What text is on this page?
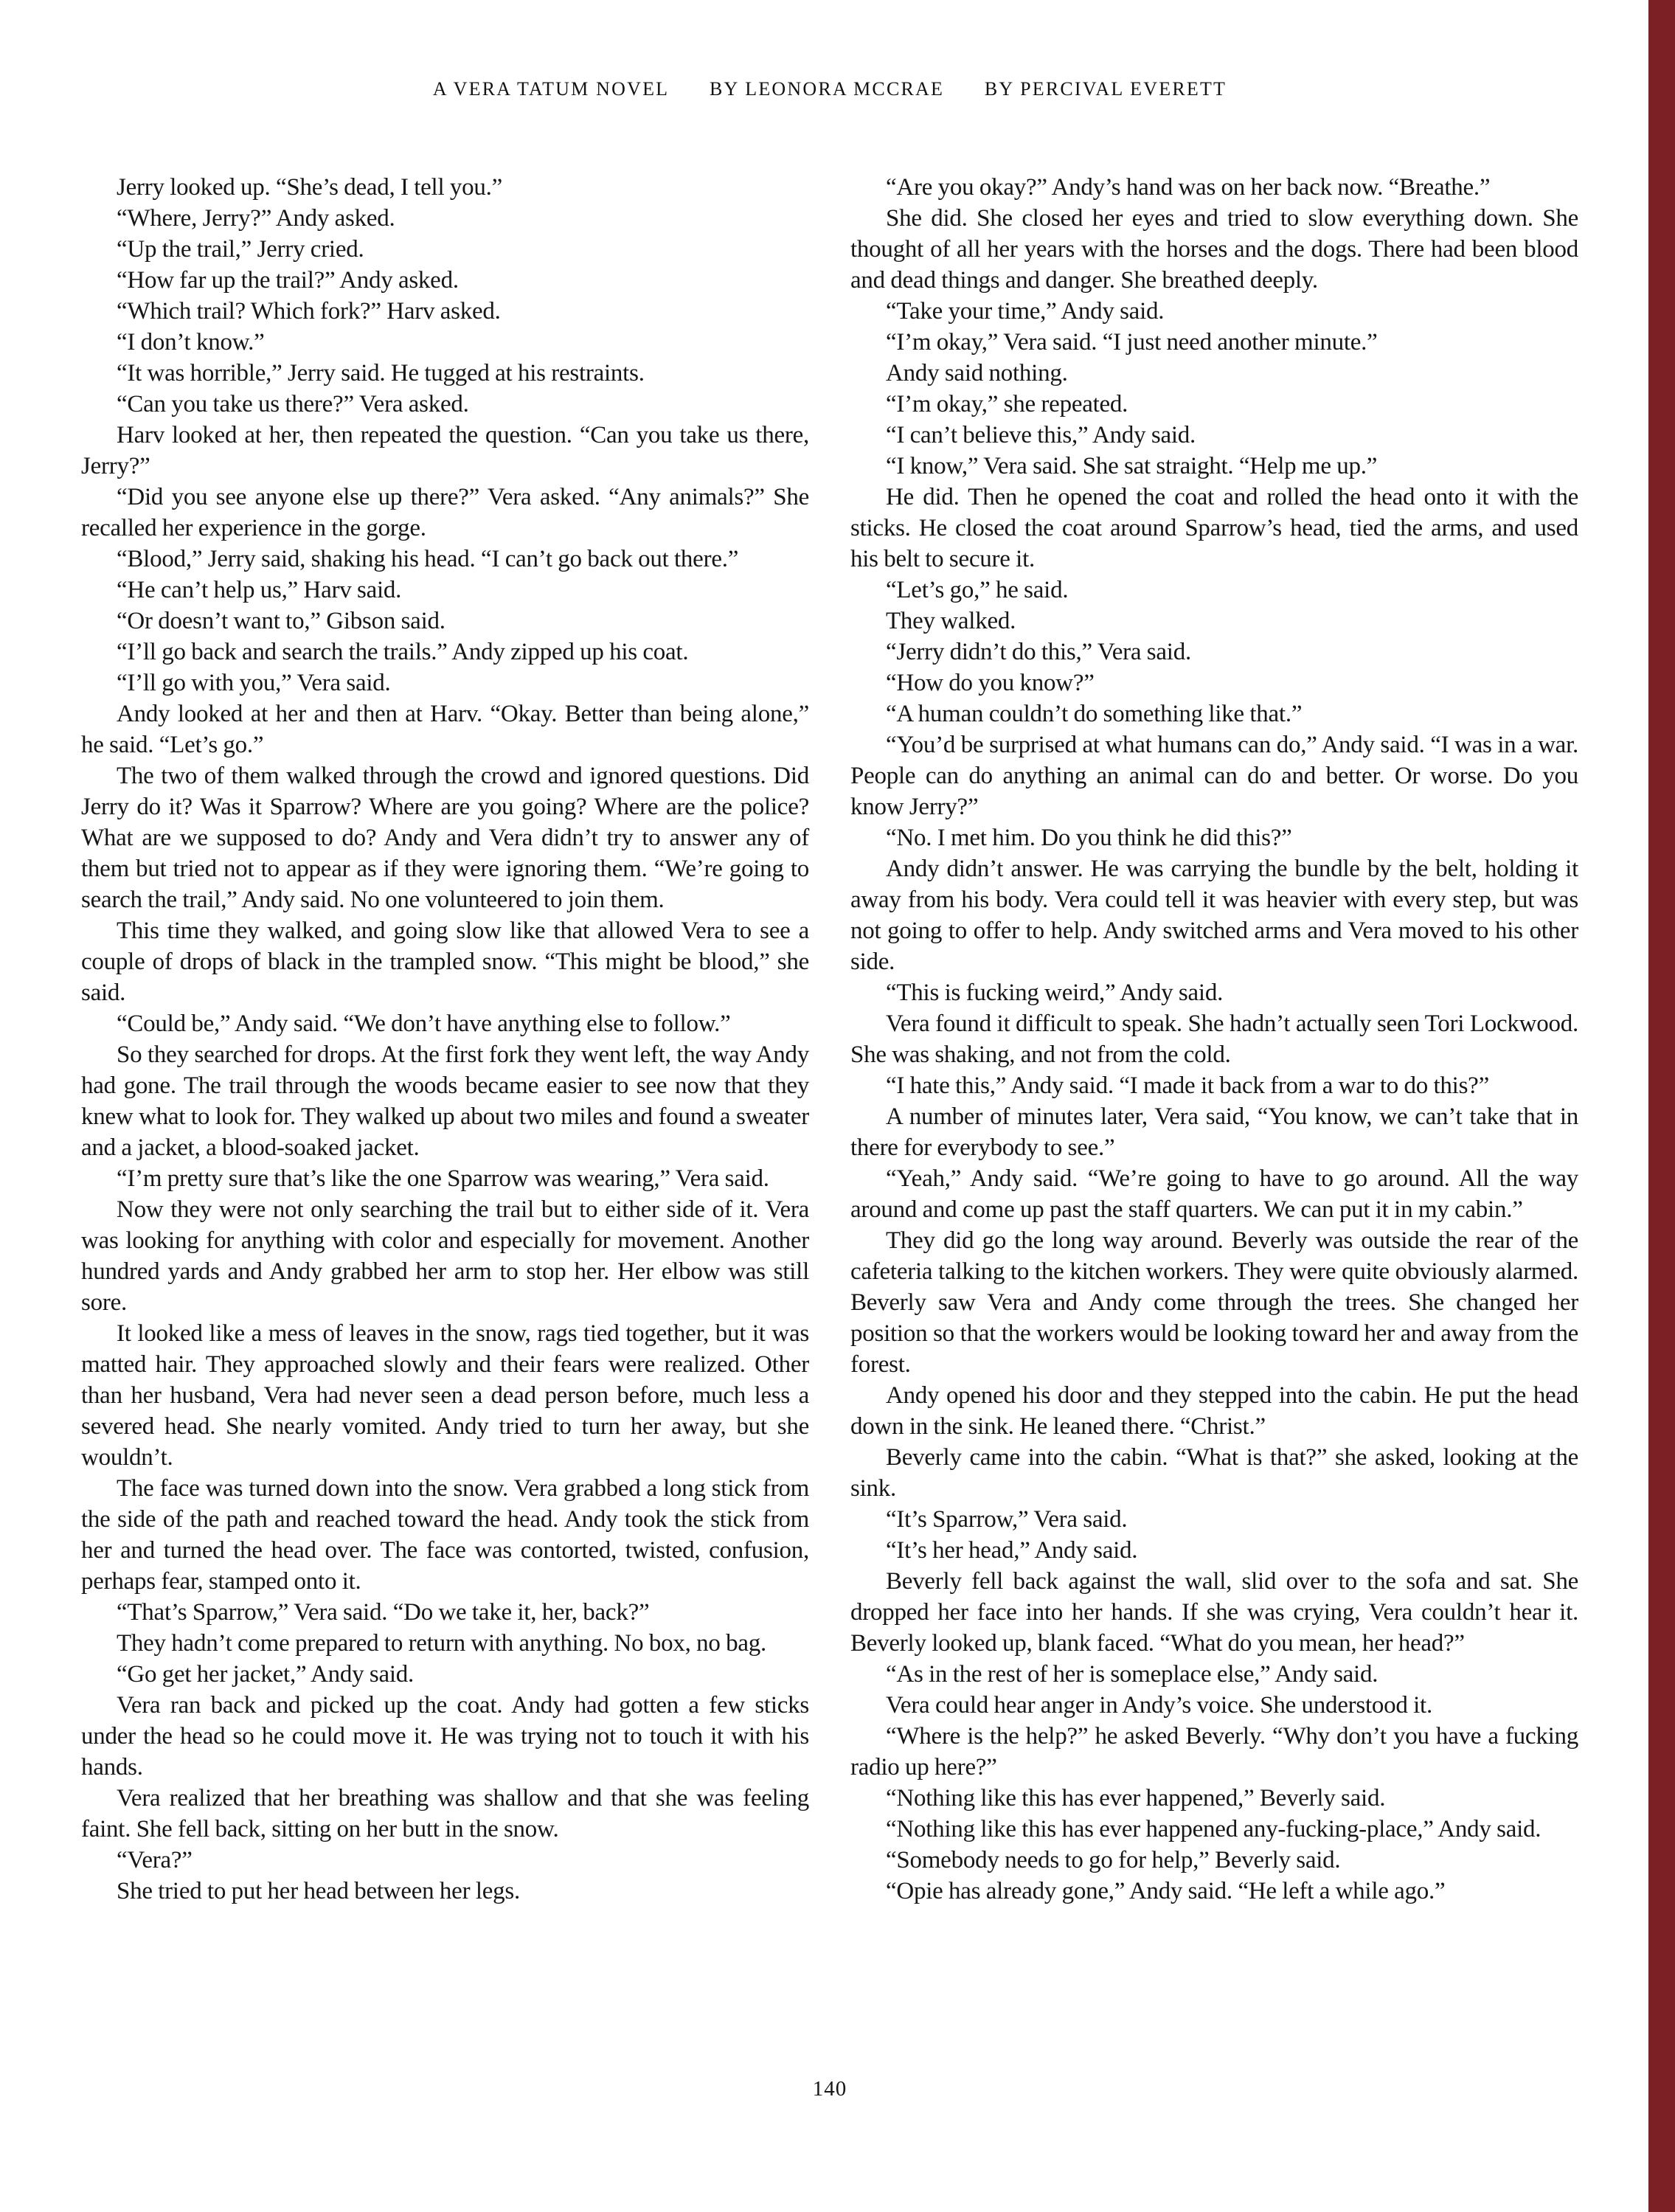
A VERA TATUM NOVEL BY LEONORA MCCRAE BY PERCIVAL EVERETT

Jerry looked up. “She’s dead, I tell you.”

“Where, Jerry?” Andy asked.

“Up the trail,” Jerry cried.

“How far up the trail?” Andy asked.

“Which trail? Which fork?” Harv asked.

“I don’t know.”

“It was horrible,” Jerry said. He tugged at his restraints.

“Can you take us there?” Vera asked.

Harv looked at her, then repeated the question. “Can you take us there, Jerry?”

“Did you see anyone else up there?” Vera asked. “Any animals?” She recalled her experience in the gorge.

“Blood,” Jerry said, shaking his head. “I can’t go back out there.”

“He can’t help us,” Harv said.

“Or doesn’t want to,” Gibson said.

“I’ll go back and search the trails.” Andy zipped up his coat.

“I’ll go with you,” Vera said.

Andy looked at her and then at Harv. “Okay. Better than being alone,” he said. “Let’s go.”

The two of them walked through the crowd and ignored questions. Did Jerry do it? Was it Sparrow? Where are you going? Where are the police? What are we supposed to do? Andy and Vera didn’t try to answer any of them but tried not to appear as if they were ignoring them. “We’re going to search the trail,” Andy said. No one volunteered to join them.

This time they walked, and going slow like that allowed Vera to see a couple of drops of black in the trampled snow. “This might be blood,” she said.

“Could be,” Andy said. “We don’t have anything else to follow.”

So they searched for drops. At the first fork they went left, the way Andy had gone. The trail through the woods became easier to see now that they knew what to look for. They walked up about two miles and found a sweater and a jacket, a blood-soaked jacket.

“I’m pretty sure that’s like the one Sparrow was wearing,” Vera said.

Now they were not only searching the trail but to either side of it. Vera was looking for anything with color and especially for movement. Another hundred yards and Andy grabbed her arm to stop her. Her elbow was still sore.

It looked like a mess of leaves in the snow, rags tied together, but it was matted hair. They approached slowly and their fears were realized. Other than her husband, Vera had never seen a dead person before, much less a severed head. She nearly vomited. Andy tried to turn her away, but she wouldn’t.

The face was turned down into the snow. Vera grabbed a long stick from the side of the path and reached toward the head. Andy took the stick from her and turned the head over. The face was contorted, twisted, confusion, perhaps fear, stamped onto it.

“That’s Sparrow,” Vera said. “Do we take it, her, back?”

They hadn’t come prepared to return with anything. No box, no bag.

“Go get her jacket,” Andy said.

Vera ran back and picked up the coat. Andy had gotten a few sticks under the head so he could move it. He was trying not to touch it with his hands.

Vera realized that her breathing was shallow and that she was feeling faint. She fell back, sitting on her butt in the snow.

“Vera?”

She tried to put her head between her legs.

“Are you okay?” Andy’s hand was on her back now. “Breathe.”

She did. She closed her eyes and tried to slow everything down. She thought of all her years with the horses and the dogs. There had been blood and dead things and danger. She breathed deeply.

“Take your time,” Andy said.

“I’m okay,” Vera said. “I just need another minute.”

Andy said nothing.

“I’m okay,” she repeated.

“I can’t believe this,” Andy said.

“I know,” Vera said. She sat straight. “Help me up.”

He did. Then he opened the coat and rolled the head onto it with the sticks. He closed the coat around Sparrow’s head, tied the arms, and used his belt to secure it.

“Let’s go,” he said.

They walked.

“Jerry didn’t do this,” Vera said.

“How do you know?”

“A human couldn’t do something like that.”

“You’d be surprised at what humans can do,” Andy said. “I was in a war. People can do anything an animal can do and better. Or worse. Do you know Jerry?”

“No. I met him. Do you think he did this?”

Andy didn’t answer. He was carrying the bundle by the belt, holding it away from his body. Vera could tell it was heavier with every step, but was not going to offer to help. Andy switched arms and Vera moved to his other side.

“This is fucking weird,” Andy said.

Vera found it difficult to speak. She hadn’t actually seen Tori Lockwood. She was shaking, and not from the cold.

“I hate this,” Andy said. “I made it back from a war to do this?”

A number of minutes later, Vera said, “You know, we can’t take that in there for everybody to see.”

“Yeah,” Andy said. “We’re going to have to go around. All the way around and come up past the staff quarters. We can put it in my cabin.”

They did go the long way around. Beverly was outside the rear of the cafeteria talking to the kitchen workers. They were quite obviously alarmed. Beverly saw Vera and Andy come through the trees. She changed her position so that the workers would be looking toward her and away from the forest.

Andy opened his door and they stepped into the cabin. He put the head down in the sink. He leaned there. “Christ.”

Beverly came into the cabin. “What is that?” she asked, looking at the sink.

“It’s Sparrow,” Vera said.

“It’s her head,” Andy said.

Beverly fell back against the wall, slid over to the sofa and sat. She dropped her face into her hands. If she was crying, Vera couldn’t hear it. Beverly looked up, blank faced. “What do you mean, her head?”

“As in the rest of her is someplace else,” Andy said.

Vera could hear anger in Andy’s voice. She understood it.

“Where is the help?” he asked Beverly. “Why don’t you have a fucking radio up here?”

“Nothing like this has ever happened,” Beverly said.

“Nothing like this has ever happened any-fucking-place,” Andy said.

“Somebody needs to go for help,” Beverly said.

“Opie has already gone,” Andy said. “He left a while ago.”

140
